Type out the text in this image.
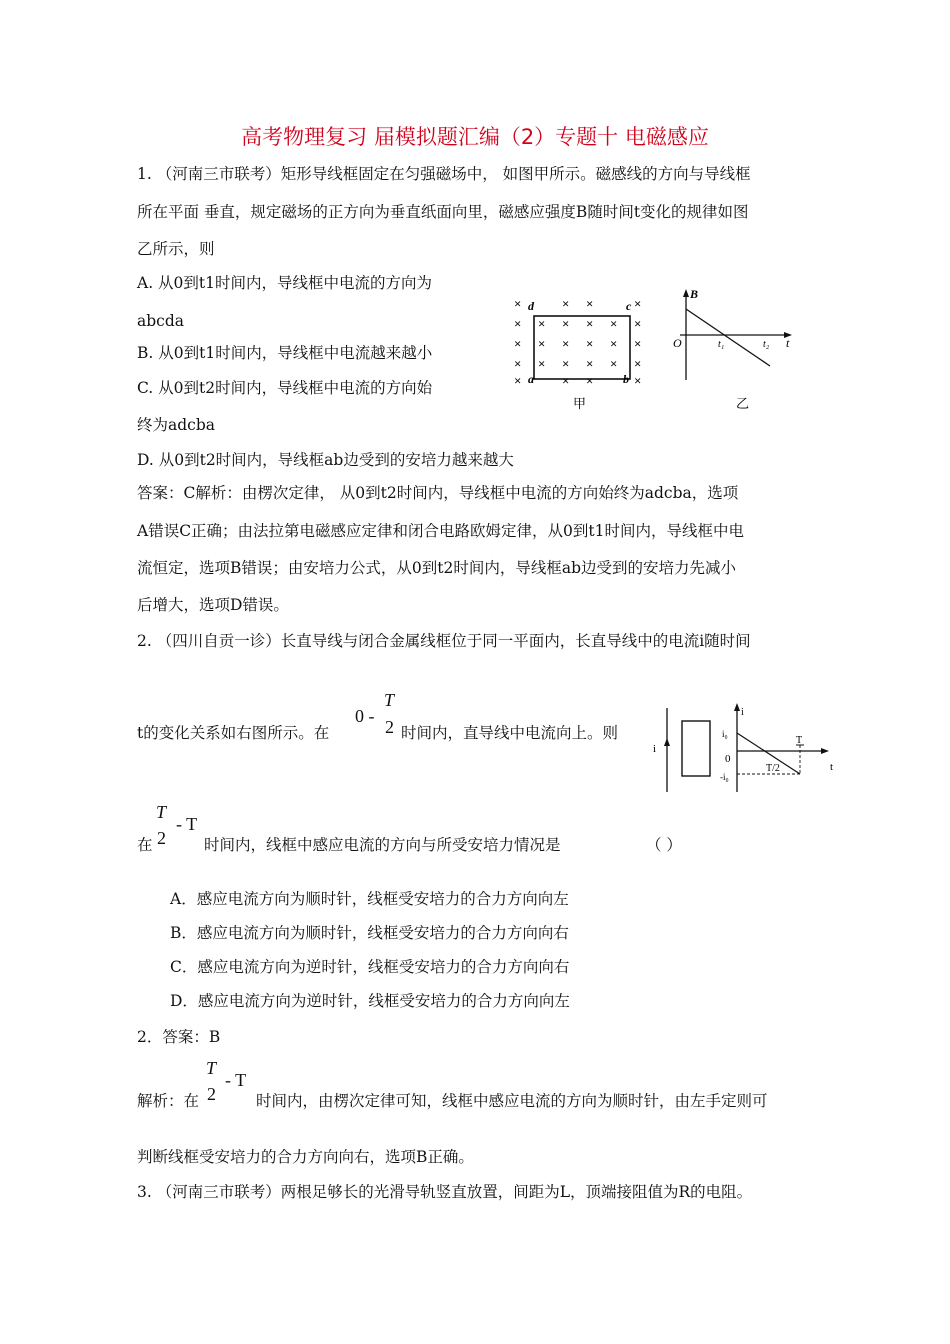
高考物理复习 届模拟题汇编（2）专题十 电磁感应
1. （河南三市联考）矩形导线框固定在匀强磁场中， 如图甲所示。磁感线的方向与导线框
所在平面 垂直，规定磁场的正方向为垂直纸面向里，磁感应强度B随时间t变化的规律如图
乙所示，则
A. 从0到t1时间内，导线框中电流的方向为
abcda
B. 从0到t1时间内，导线框中电流越来越小
C. 从0到t2时间内，导线框中电流的方向始
终为adcba
D. 从0到t2时间内，导线框ab边受到的安培力越来越大
答案：C解析：由楞次定律， 从0到t2时间内，导线框中电流的方向始终为adcba，选项
A错误C正确；由法拉第电磁感应定律和闭合电路欧姆定律，从0到t1时间内，导线框中电
流恒定，选项B错误；由安培力公式，从0到t2时间内，导线框ab边受到的安培力先减小
后增大，选项D错误。
×	× ×	×
× × × × × ×
× × × × × ×
× × × × × ×
×	× ×	×
d	c
a	b
甲
B
O	t₁	t₂ t
乙
2. （四川自贡一诊）长直导线与闭合金属线框位于同一平面内，长直导线中的电流i随时间
t的变化关系如右图所示。在
0 -
T
2 时间内，直导线中电流向上。则
在
T
2
- T
时间内，线框中感应电流的方向与所受安培力情况是	（ ）
A．感应电流方向为顺时针，线框受安培力的合力方向向左
B．感应电流方向为顺时针，线框受安培力的合力方向向右
C．感应电流方向为逆时针，线框受安培力的合力方向向右
D．感应电流方向为逆时针，线框受安培力的合力方向向左
2．答案：B
解析：在
T
2
- T
时间内，由楞次定律可知，线框中感应电流的方向为顺时针，由左手定则可
判断线框受安培力的合力方向向右，选项B正确。
i
i
i₀
0
-i₀
T
T/2	t
3. （河南三市联考）两根足够长的光滑导轨竖直放置，间距为L，顶端接阻值为R的电阻。
